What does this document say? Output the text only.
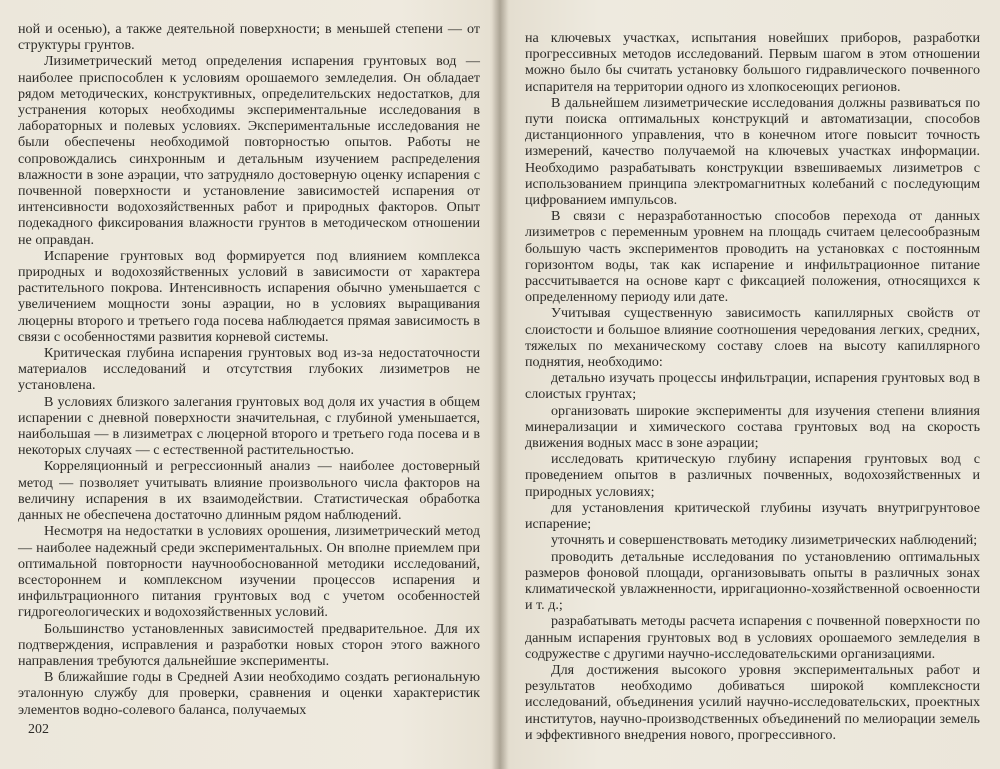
ной и осенью), а также деятельной поверхности; в меньшей степени — от структуры грунтов.

Лизиметрический метод определения испарения грунтовых вод — наиболее приспособлен к условиям орошаемого земледелия. Он обладает рядом методических, конструктивных, определительских недостатков, для устранения которых необходимы экспериментальные исследования в лабораторных и полевых условиях. Экспериментальные исследования не были обеспечены необходимой повторностью опытов. Работы не сопровождались синхронным и детальным изучением распределения влажности в зоне аэрации, что затрудняло достоверную оценку испарения с почвенной поверхности и установление зависимостей испарения от интенсивности водохозяйственных работ и природных факторов. Опыт подекадного фиксирования влажности грунтов в методическом отношении не оправдан.

Испарение грунтовых вод формируется под влиянием комплекса природных и водохозяйственных условий в зависимости от характера растительного покрова. Интенсивность испарения обычно уменьшается с увеличением мощности зоны аэрации, но в условиях выращивания люцерны второго и третьего года посева наблюдается прямая зависимость в связи с особенностями развития корневой системы.

Критическая глубина испарения грунтовых вод из-за недостаточности материалов исследований и отсутствия глубоких лизиметров не установлена.

В условиях близкого залегания грунтовых вод доля их участия в общем испарении с дневной поверхности значительная, с глубиной уменьшается, наибольшая — в лизиметрах с люцерной второго и третьего года посева и в некоторых случаях — с естественной растительностью.

Корреляционный и регрессионный анализ — наиболее достоверный метод — позволяет учитывать влияние произвольного числа факторов на величину испарения в их взаимодействии. Статистическая обработка данных не обеспечена достаточно длинным рядом наблюдений.

Несмотря на недостатки в условиях орошения, лизиметрический метод — наиболее надежный среди экспериментальных. Он вполне приемлем при оптимальной повторности научнообоснованной методики исследований, всестороннем и комплексном изучении процессов испарения и инфильтрационного питания грунтовых вод с учетом особенностей гидрогеологических и водохозяйственных условий.

Большинство установленных зависимостей предварительное. Для их подтверждения, исправления и разработки новых сторон этого важного направления требуются дальнейшие эксперименты.

В ближайшие годы в Средней Азии необходимо создать региональную эталонную службу для проверки, сравнения и оценки характеристик элементов водно-солевого баланса, получаемых

202

на ключевых участках, испытания новейших приборов, разработки прогрессивных методов исследований. Первым шагом в этом отношении можно было бы считать установку большого гидравлического почвенного испарителя на территории одного из хлопкосеющих регионов.

В дальнейшем лизиметрические исследования должны развиваться по пути поиска оптимальных конструкций и автоматизации, способов дистанционного управления, что в конечном итоге повысит точность измерений, качество получаемой на ключевых участках информации. Необходимо разрабатывать конструкции взвешиваемых лизиметров с использованием принципа электромагнитных колебаний с последующим цифрованием импульсов.

В связи с неразработанностью способов перехода от данных лизиметров с переменным уровнем на площадь считаем целесообразным большую часть экспериментов проводить на установках с постоянным горизонтом воды, так как испарение и инфильтрационное питание рассчитывается на основе карт с фиксацией положения, относящихся к определенному периоду или дате.

Учитывая существенную зависимость капиллярных свойств от слоистости и большое влияние соотношения чередования легких, средних, тяжелых по механическому составу слоев на высоту капиллярного поднятия, необходимо:

детально изучать процессы инфильтрации, испарения грунтовых вод в слоистых грунтах;

организовать широкие эксперименты для изучения степени влияния минерализации и химического состава грунтовых вод на скорость движения водных масс в зоне аэрации;

исследовать критическую глубину испарения грунтовых вод с проведением опытов в различных почвенных, водохозяйственных и природных условиях;

для установления критической глубины изучать внутригрунтовое испарение;

уточнять и совершенствовать методику лизиметрических наблюдений;

проводить детальные исследования по установлению оптимальных размеров фоновой площади, организовывать опыты в различных зонах климатической увлажненности, ирригационно-хозяйственной освоенности и т. д.;

разрабатывать методы расчета испарения с почвенной поверхности по данным испарения грунтовых вод в условиях орошаемого земледелия в содружестве с другими научно-исследовательскими организациями.

Для достижения высокого уровня экспериментальных работ и результатов необходимо добиваться широкой комплексности исследований, объединения усилий научно-исследовательских, проектных институтов, научно-производственных объединений по мелиорации земель и эффективного внедрения нового, прогрессивного.
